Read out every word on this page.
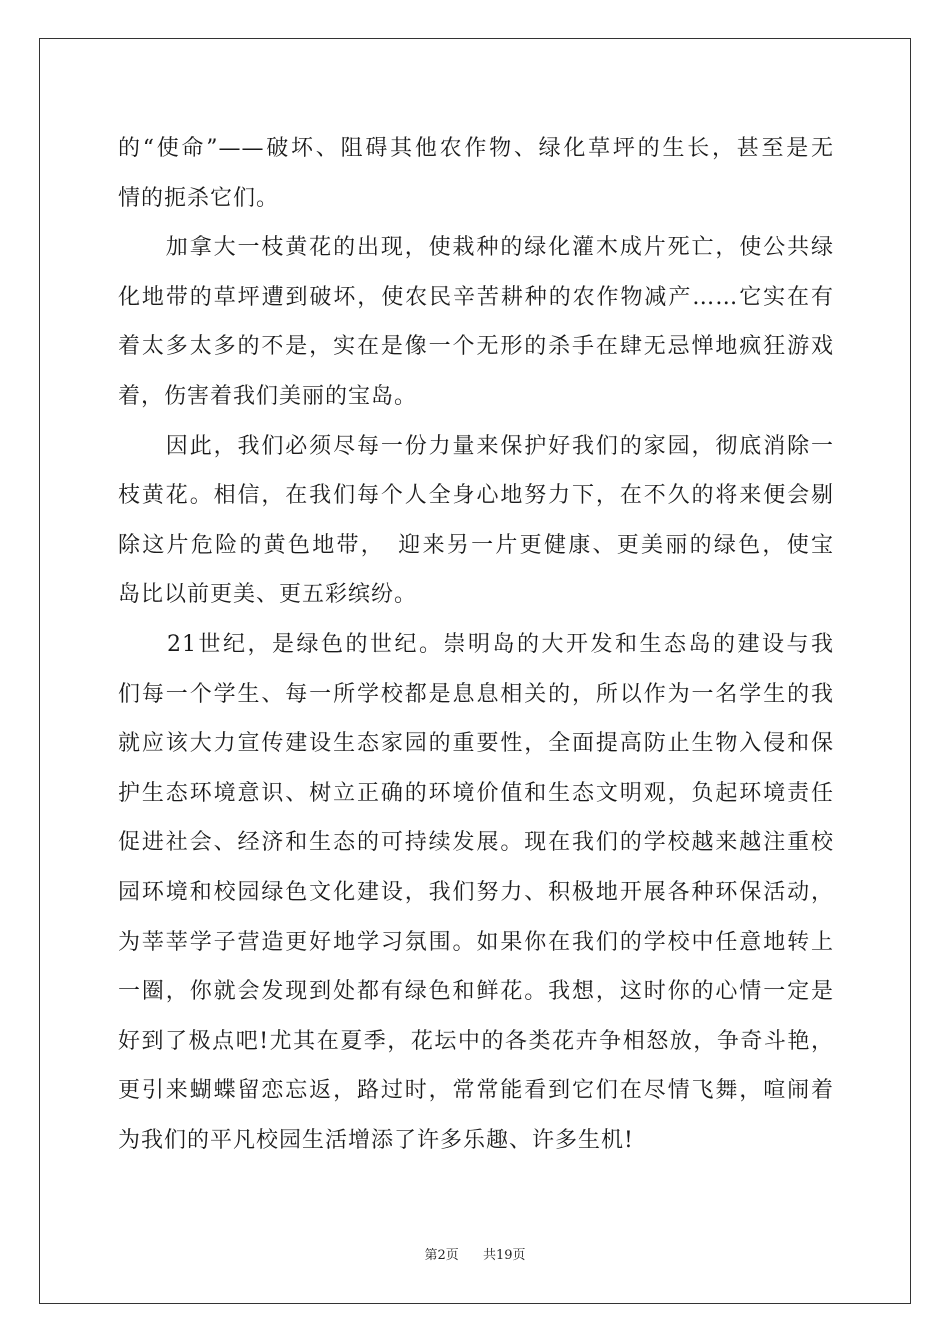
的“使命”——破坏、阻碍其他农作物、绿化草坪的生长，甚至是无
情的扼杀它们。
　　加拿大一枝黄花的出现，使栽种的绿化灌木成片死亡，使公共绿
化地带的草坪遭到破坏，使农民辛苦耕种的农作物减产……它实在有
着太多太多的不是，实在是像一个无形的杀手在肆无忌惮地疯狂游戏
着，伤害着我们美丽的宝岛。
　　因此，我们必须尽每一份力量来保护好我们的家园，彻底消除一
枝黄花。相信，在我们每个人全身心地努力下，在不久的将来便会剔
除这片危险的黄色地带，　迎来另一片更健康、更美丽的绿色，使宝
岛比以前更美、更五彩缤纷。
　　21世纪，是绿色的世纪。崇明岛的大开发和生态岛的建设与我
们每一个学生、每一所学校都是息息相关的，所以作为一名学生的我
就应该大力宣传建设生态家园的重要性，全面提高防止生物入侵和保
护生态环境意识、树立正确的环境价值和生态文明观，负起环境责任
促进社会、经济和生态的可持续发展。现在我们的学校越来越注重校
园环境和校园绿色文化建设，我们努力、积极地开展各种环保活动，
为莘莘学子营造更好地学习氛围。如果你在我们的学校中任意地转上
一圈，你就会发现到处都有绿色和鲜花。我想，这时你的心情一定是
好到了极点吧!尤其在夏季，花坛中的各类花卉争相怒放，争奇斗艳，
更引来蝴蝶留恋忘返，路过时，常常能看到它们在尽情飞舞，喧闹着
为我们的平凡校园生活增添了许多乐趣、许多生机!
第2页 共19页
